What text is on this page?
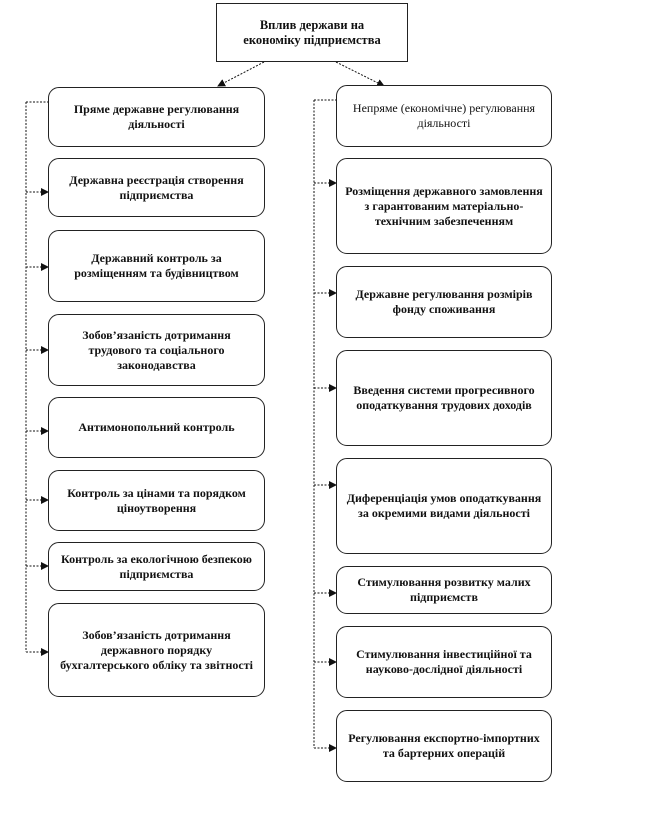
Вплив держави на економіку підприємства
Пряме державне регулювання діяльності
Державна реєстрація створення підприємства
Державний контроль за розміщенням та будівництвом
Зобов’язаність дотримання трудового та соціального законодавства
Антимонопольний контроль
Контроль за цінами та порядком ціноутворення
Контроль за екологічною безпекою підприємства
Зобов’язаність дотримання державного порядку бухгалтерського обліку та звітності
Непряме (економічне) регулювання діяльності
Розміщення державного замовлення з гарантованим матеріально-технічним забезпеченням
Державне регулювання розмірів фонду споживання
Введення системи прогресивного оподаткування трудових доходів
Диференціація умов оподаткування за окремими видами діяльності
Стимулювання розвитку малих підприємств
Стимулювання інвестиційної та науково-дослідної діяльності
Регулювання експортно-імпортних та бартерних операцій
